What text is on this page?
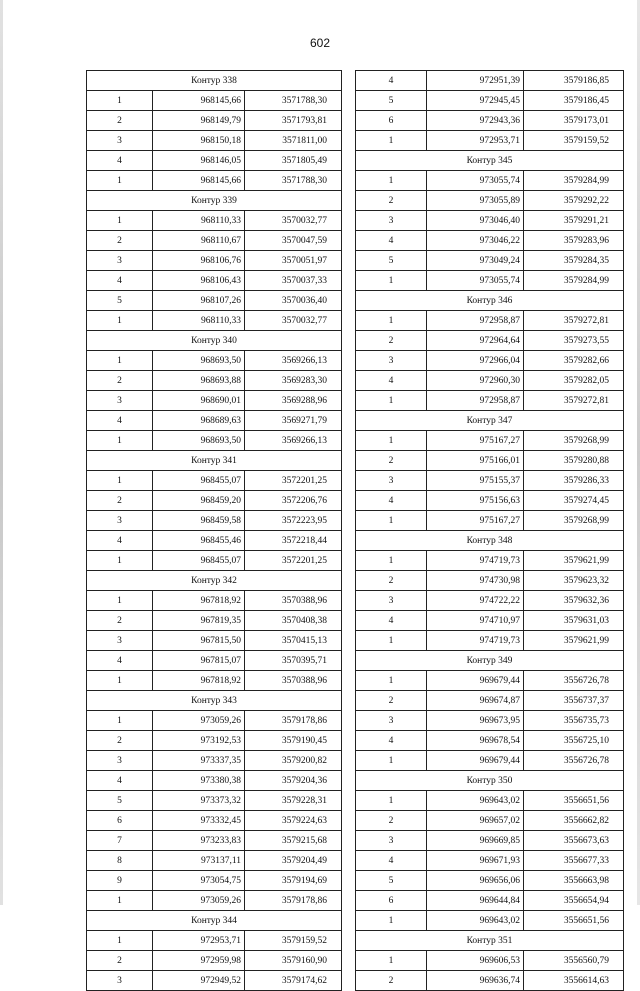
602
Контур 338		
1	968145,66	3571788,30
2	968149,79	3571793,81
3	968150,18	3571811,00
4	968146,05	3571805,49
1	968145,66	3571788,30
Контур 339		
1	968110,33	3570032,77
2	968110,67	3570047,59
3	968106,76	3570051,97
4	968106,43	3570037,33
5	968107,26	3570036,40
1	968110,33	3570032,77
Контур 340		
1	968693,50	3569266,13
2	968693,88	3569283,30
3	968690,01	3569288,96
4	968689,63	3569271,79
1	968693,50	3569266,13
Контур 341		
1	968455,07	3572201,25
2	968459,20	3572206,76
3	968459,58	3572223,95
4	968455,46	3572218,44
1	968455,07	3572201,25
Контур 342		
1	967818,92	3570388,96
2	967819,35	3570408,38
3	967815,50	3570415,13
4	967815,07	3570395,71
1	967818,92	3570388,96
Контур 343		
1	973059,26	3579178,86
2	973192,53	3579190,45
3	973337,35	3579200,82
4	973380,38	3579204,36
5	973373,32	3579228,31
6	973332,45	3579224,63
7	973233,83	3579215,68
8	973137,11	3579204,49
9	973054,75	3579194,69
1	973059,26	3579178,86
Контур 344		
1	972953,71	3579159,52
2	972959,98	3579160,90
3	972949,52	3579174,62
4	972951,39	3579186,85
5	972945,45	3579186,45
6	972943,36	3579173,01
1	972953,71	3579159,52
Контур 345		
1	973055,74	3579284,99
2	973055,89	3579292,22
3	973046,40	3579291,21
4	973046,22	3579283,96
5	973049,24	3579284,35
1	973055,74	3579284,99
Контур 346		
1	972958,87	3579272,81
2	972964,64	3579273,55
3	972966,04	3579282,66
4	972960,30	3579282,05
1	972958,87	3579272,81
Контур 347		
1	975167,27	3579268,99
2	975166,01	3579280,88
3	975155,37	3579286,33
4	975156,63	3579274,45
1	975167,27	3579268,99
Контур 348		
1	974719,73	3579621,99
2	974730,98	3579623,32
3	974722,22	3579632,36
4	974710,97	3579631,03
1	974719,73	3579621,99
Контур 349		
1	969679,44	3556726,78
2	969674,87	3556737,37
3	969673,95	3556735,73
4	969678,54	3556725,10
1	969679,44	3556726,78
Контур 350		
1	969643,02	3556651,56
2	969657,02	3556662,82
3	969669,85	3556673,63
4	969671,93	3556677,33
5	969656,06	3556663,98
6	969644,84	3556654,94
1	969643,02	3556651,56
Контур 351		
1	969606,53	3556560,79
2	969636,74	3556614,63
